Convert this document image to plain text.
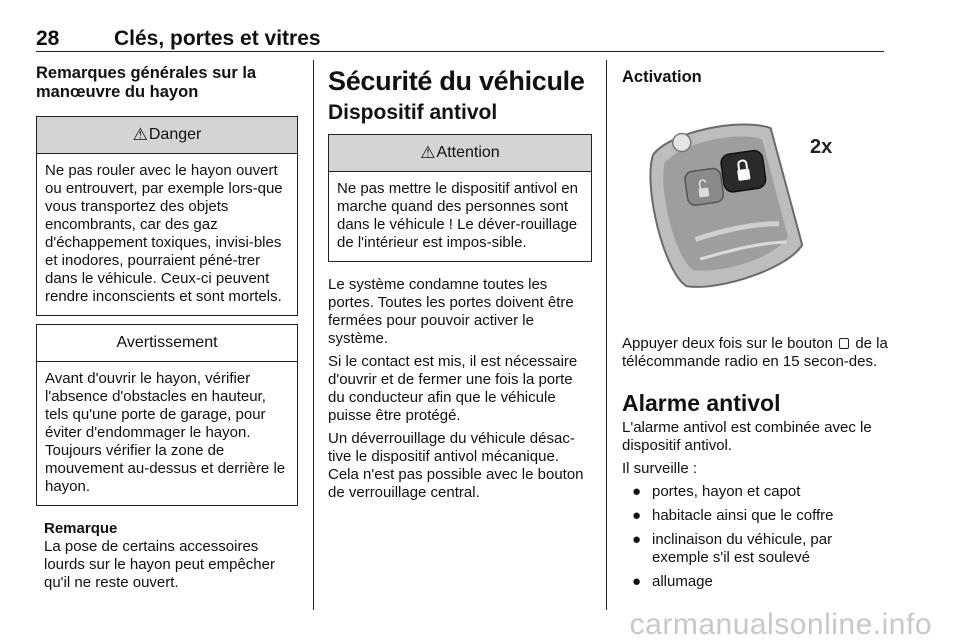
28	Clés, portes et vitres
Remarques générales sur la manœuvre du hayon
⚠ Danger
Ne pas rouler avec le hayon ouvert ou entrouvert, par exemple lors-que vous transportez des objets encombrants, car des gaz d'échappement toxiques, invisi-bles et inodores, pourraient péné-trer dans le véhicule. Ceux-ci peuvent rendre inconscients et sont mortels.
Avertissement
Avant d'ouvrir le hayon, vérifier l'absence d'obstacles en hauteur, tels qu'une porte de garage, pour éviter d'endommager le hayon. Toujours vérifier la zone de mouvement au-dessus et derrière le hayon.
Remarque
La pose de certains accessoires lourds sur le hayon peut empêcher qu'il ne reste ouvert.
Sécurité du véhicule
Dispositif antivol
⚠ Attention
Ne pas mettre le dispositif antivol en marche quand des personnes sont dans le véhicule ! Le déver-rouillage de l'intérieur est impos-sible.

Le système condamne toutes les portes. Toutes les portes doivent être fermées pour pouvoir activer le système.

Si le contact est mis, il est nécessaire d'ouvrir et de fermer une fois la porte du conducteur afin que le véhicule puisse être protégé.

Un déverrouillage du véhicule désac-tive le dispositif antivol mécanique. Cela n'est pas possible avec le bouton de verrouillage central.

Activation
2x

Appuyer deux fois sur le bouton de la télécommande radio en 15 secon-des.

Alarme antivol

L'alarme antivol est combinée avec le dispositif antivol.

Il surveille :

● portes, hayon et capot
● habitacle ainsi que le coffre
● inclinaison du véhicule, par exemple s'il est soulevé
● allumage
carmanualsonline.info
